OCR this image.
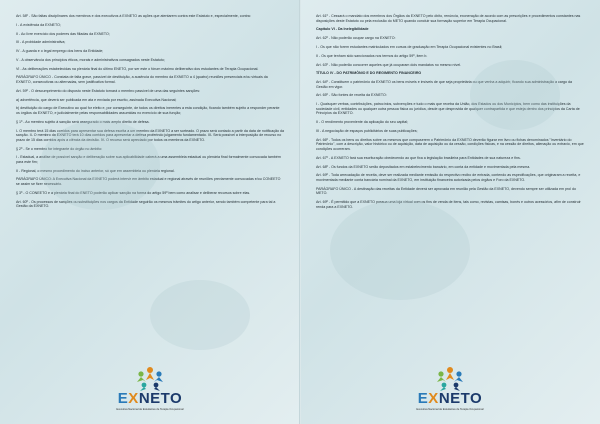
Art. 58º - São faltas disciplinares dos membros e dos executivos à EXNETO as ações que atentarem contra este Estatuto e, especialmente, contra:

I - A existência da EXNETO;

II - Ao livre exercício dos poderes das filiadas da EXNETO;

III - A probidade administrativa;

IV - A guarda e o legal emprego dos bens da Entidade;

V - A observância dos princípios éticos, morais e administrativos consagrados neste Estatuto;

VI - As deliberações estabelecidas na plenária final do último ENETO, por ser este o fórum máximo deliberativo dos estudantes de Terapia Ocupacional.

PARÁGRAFO ÚNICO - Constata de falta grave, passível de destituição, a ausência do membro da EXNETO a 4 (quatro) reuniões presenciais e/ou virtuais da EXNETO, consecutivas ou alternadas, sem justificativa formal.

Art. 59º - O descumprimento do disposto neste Estatuto tornará o membro passível de uma das seguintes sanções:

a) advertência, que deverá ser publicada em ata e enviada por escrito, assinada Executiva Nacional;

b) destituição do cargo de Executivo ao qual for eleito e, por conseguinte, de todos os direitos inerentes a esta condição, ficando também sujeito a responder perante os órgãos da EXNETO, e judicialmente pelas responsabilidades assumidas no exercício de sua função;

§ 1º - Ao membro sujeito à sanção será assegurado o mais amplo direito de defesa.

I- O membro terá 15 dias corridos para apresentar sua defesa escrita a um membro da EXNETO a ser sorteado. O prazo será contado a partir da data de notificação da sanção. II- O membro da EXNETO terá 10 dias corridos para apresentar a defesa proferindo julgamento fundamentado. III- Será possível a interposição de recurso no prazo de 15 dias corridos após a ciência da decisão. IV- O recurso será apreciado por todos os membros da EXNETO.

§ 2º - Se o membro for integrante do órgão no âmbito:

I - Estadual, a análise de possível sanção e deliberação sobre sua aplicabilidade caberá a uma assembleia estadual ou plenária final formalmente convocada também para este fim;

II - Regional, o mesmo procedimento do inciso anterior, só que em assembleia ou plenária regional.

PARÁGRAFO ÚNICO: A Executiva Nacional da EXNETO poderá intervir em âmbito estadual e regional através de reuniões previamente convocadas e/ou CONEETO se assim se fizer necessário.

§ 3º - O CONEETO e a plenária final do ENETO poderão aplicar sanção na forma do artigo 59º bem como analisar e deliberar recursos sobre elas.

Art. 60º - Os processos de sanções ou substituições nos cargos da Entidade seguirão os mesmos trâmites do artigo anterior, sendo também competente para tal a Gestão da EXNETO.

EXNETO
Executiva Nacional de Estudantes de Terapia Ocupacional

Art. 61º - Cessará o mandato dos membros dos Órgãos da EXNETO pelo óbito, renúncia, exoneração de acordo com as prescrições e procedimentos constantes nas disposições deste Estatuto ou pela exclusão do MEТO quando concluir sua formação superior em Terapia Ocupacional.

Capítulo VI - Da Inelegibilidade

Art. 62º - Não poderão ocupar cargo na EXNETO:

I - Os que não forem estudantes matriculados em cursos de graduação em Terapia Ocupacional existentes no Brasil;

II - Os que tenham sido sancionados nos termos do artigo 59º, item b.

Art. 63º - Não poderão concorrer aqueles que já ocuparam dois mandatos no mesmo nível.

TÍTULO IV - DO PATRIMÔNIO E DO REGIMENTO FINANCEIRO

Art. 64º - Constituem o patrimônio da EXNETO os bens móveis e imóveis de que seja proprietária ou que venha a adquirir, ficando sua administração a cargo da Gestão em vigor.

Art. 65º - São fontes de receita da EXNETO:

I - Quaisquer verbas, contribuições, patrocínios, subvenções e tudo o mais que receba da União, dos Estados ou dos Municípios, bem como das instituições da sociedade civil, entidades ou qualquer outra pessoa física ou jurídica, desde que desprovida de qualquer contrapartida e que esteja dentro dos princípios da Carta de Princípios da EXNETO.

II - O rendimento proveniente da aplicação do seu capital;

III - A negociação de espaços publicitários de suas publicações;

Art. 66º - Todos os bens ou direitos sobre os mesmos que compuserem o Patrimônio da EXNETO deverão figurar em livro ou fichas denominados "Inventário do Patrimônio", com a descrição, valor histórico ou de aquisição, data de aquisição ou da cessão, condições físicas, e na cessão de direitos, alienação ou extravio, em que condições ocorreram.

Art. 67º - A EXNETO fará sua escrituração obedecendo ao que fixa a legislação brasileira para Entidades de sua natureza e fins.

Art. 68º - Os fundos da EXNETO serão depositados em estabelecimento bancário, em conta da entidade e movimentada pela mesma.

Art. 69º - Toda arrecadação de receita, deve ser realizada mediante emissão do respectivo recibo de entrada, contendo as especificações, que originaram a receita, e movimentada mediante conta bancária nominal da EXNETO, em instituição financeira autorizada pelos órgãos e Foro da EXNETO.

PARÁGRAFO ÚNICO - A destinação das receitas da Entidade deverá ser aprovada em reunião pela Gestão da EXNETO, devendo sempre ser utilizada em prol do MEТO.

Art. 69º - É permitido que a EXNETO possua uma loja virtual com os fins de venda de itens, tais como, revistas, camisas, bonés e outros acessórios, afim de construir renda para a EXNETO.

EXNETO
Executiva Nacional de Estudantes de Terapia Ocupacional
